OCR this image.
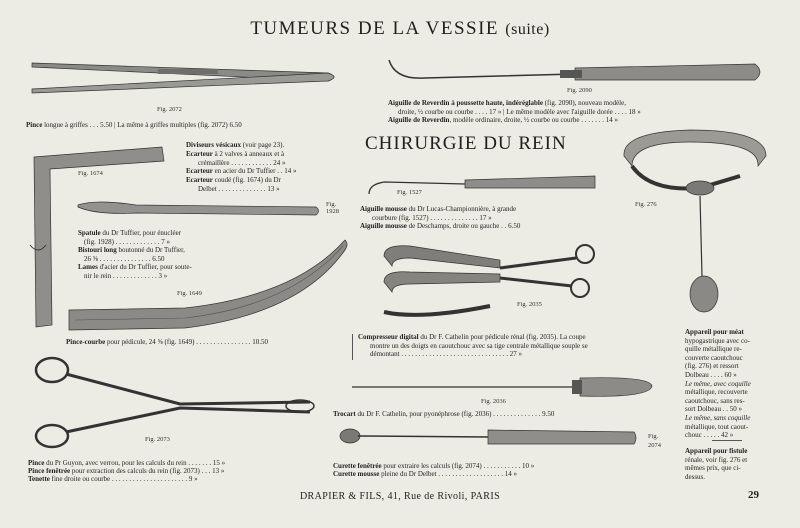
TUMEURS DE LA VESSIE (suite)
CHIRURGIE DU REIN
Fig. 2072
Fig. 2090
Fig. 1674
Fig. 1928
Fig. 1527
Fig. 276
Fig. 1649
Fig. 2035
Fig. 2036
Fig. 2073	Fig. 2074
Pince longue à griffes . . . 5.50 | La même à griffes multiples (fig. 2072) 6.50
Aiguille de Reverdin à poussette haute, indéréglable (fig. 2090), nouveau modèle,
droite, ½ courbe ou courbe . . . . 17 » | Le même modèle avec l'aiguille dorée . . . . 18 »
Aiguille de Reverdin, modèle ordinaire, droite, ½ courbe ou courbe . . . . . . . 14 »
Diviseurs vésicaux (voir page 23).
Ecarteur à 2 valves à anneaux et à
crémaillère . . . . . . . . . . . . 24 »
Ecarteur en acier du Dr Tuffier . . 14 »
Ecarteur coudé (fig. 1674) du Dr
Delbet . . . . . . . . . . . . . . 13 »
Spatule du Dr Tuffier, pour énucléer
(fig. 1928) . . . . . . . . . . . . . 7 »
Bistouri long boutonné du Dr Tuffier,
26 ⅝ . . . . . . . . . . . . . . . 6.50
Lames d'acier du Dr Tuffier, pour soute-
nir le rein . . . . . . . . . . . . . 3 »
Aiguille mousse du Dr Lucas-Championnière, à grande
courbure (fig. 1527) . . . . . . . . . . . . . . 17 »
Aiguille mousse de Deschamps, droite ou gauche . . 6.50
Pince-courbe pour pédicule, 24 ⅝ (fig. 1649) . . . . . . . . . . . . . . . . 10.50
Compresseur digital du Dr F. Cathelin pour pédicule rénal (fig. 2035). La coupe
montre un des doigts en caoutchouc avec sa tige centrale métallique souple se
démontant . . . . . . . . . . . . . . . . . . . . . . . . . . . . . . . 27 »
Trocart du Dr F. Cathelin, pour pyonéphrose (fig. 2036) . . . . . . . . . . . . . . 9.50
Pince du Pr Guyon, avec verrou, pour les calculs du rein . . . . . . . 15 »
Pince fenêtrée pour extraction des calculs du rein (fig. 2073) . . . 13 »
Tenette fine droite ou courbe . . . . . . . . . . . . . . . . . . . . . . 9 »
Curette fenêtrée pour extraire les calculs (fig. 2074) . . . . . . . . . . . 10 »
Curette mousse pleine du Dr Delbet . . . . . . . . . . . . . . . . . . . 14 »
Appareil pour méat
hypogastrique avec co-
quille métallique re-
couverte caoutchouc
(fig. 276) et ressort
Dolbeau . . . . 60 »
Le même, avec coquille
métallique, recouverte
caoutchouc, sans res-
sort Dolbeau . . 50 »
Le même, sans coquille
métallique, tout caout-
chouc . . . . . 42 »
Appareil pour fistule
rénale, voir fig. 276 et
mêmes prix, que ci-
dessus.
DRAPIER & FILS, 41, Rue de Rivoli, PARIS	29
